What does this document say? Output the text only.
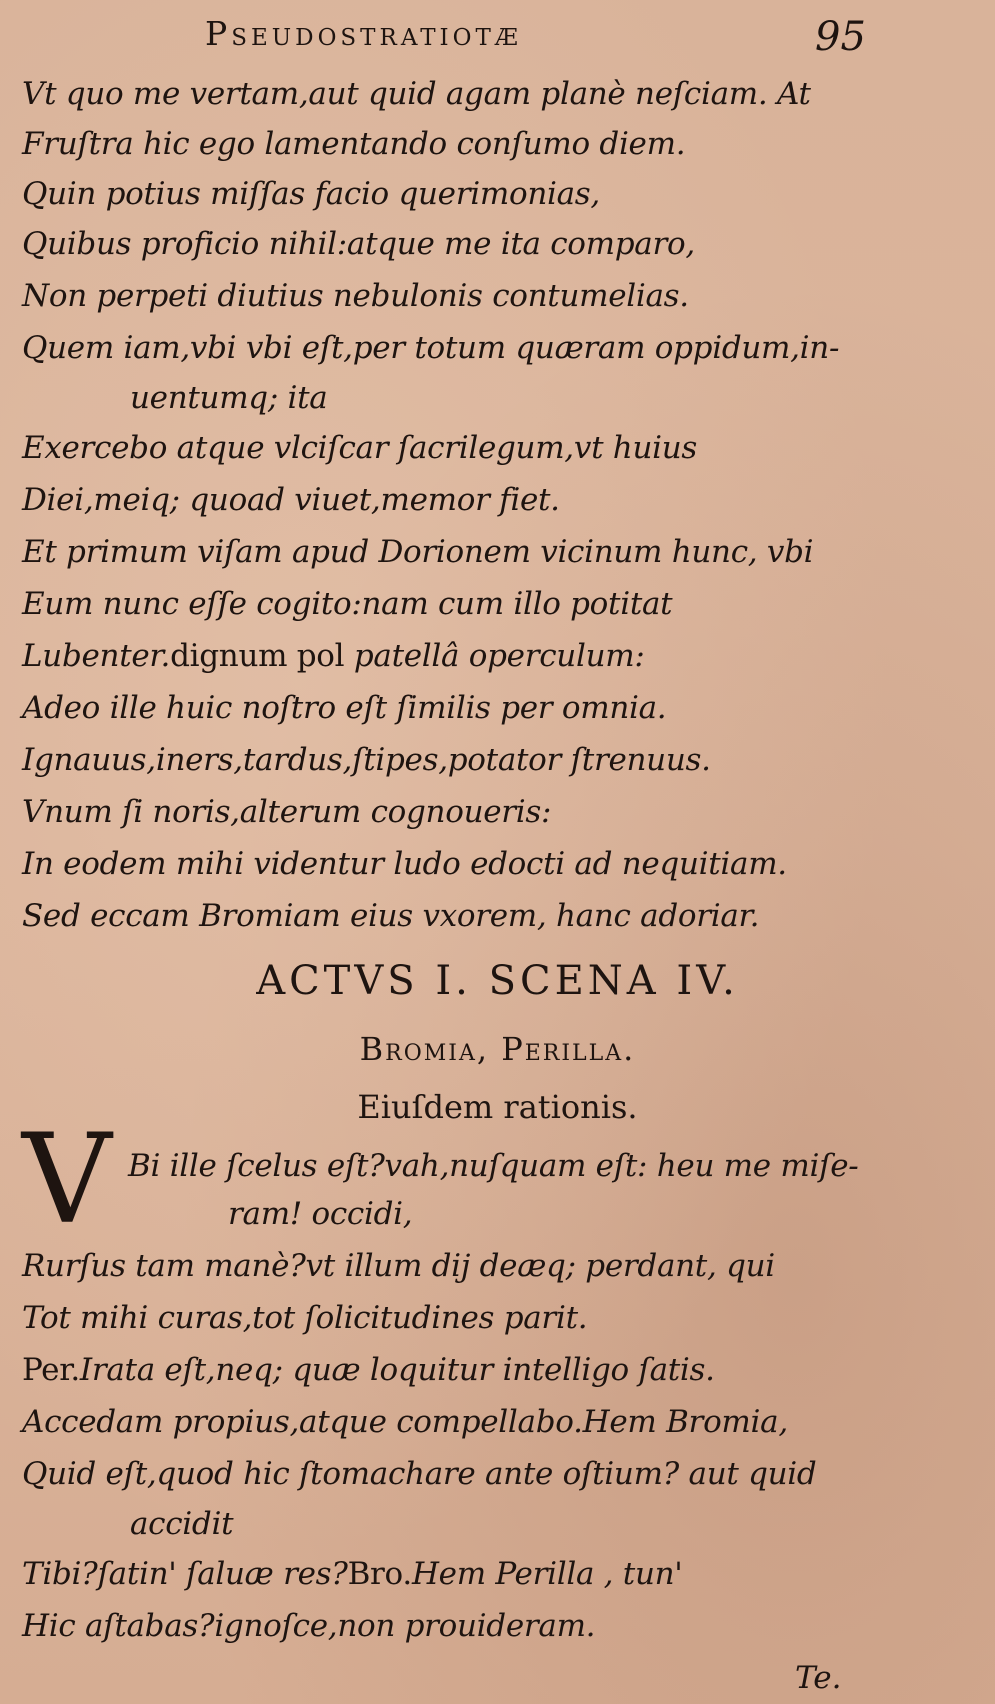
Pseudostratiotæ	95
Vt quo me vertam,aut quid agam planè neſciam. At
Fruſtra hic ego lamentando conſumo diem.
Quin potius miſſas facio querimonias,
Quibus proficio nihil:atque me ita comparo,
Non perpeti diutius nebulonis contumelias.
Quem iam,vbi vbi eſt,per totum quæram oppidum,in-
uentumq; ita
Exercebo atque vlciſcar ſacrilegum,vt huius
Diei,meiq; quoad viuet,memor fiet.
Et primum viſam apud Dorionem vicinum hunc, vbi
Eum nunc eſſe cogito:nam cum illo potitat
Lubenter.dignum pol patellâ operculum:
Adeo ille huic noſtro eſt ſimilis per omnia.
Ignauus,iners,tardus,ſtipes,potator ſtrenuus.
Vnum ſi noris,alterum cognoueris:
In eodem mihi videntur ludo edocti ad nequitiam.
Sed eccam Bromiam eius vxorem, hanc adoriar.
ACTVS I. SCENA IV.
Bromia, Perilla.
Eiuſdem rationis.
V Bi ille ſcelus eſt?vah,nuſquam eſt: heu me miſe-
ram! occidi,
Rurſus tam manè?vt illum dij deæq; perdant, qui
Tot mihi curas,tot ſolicitudines parit.
Per.Irata eſt,neq; quæ loquitur intelligo ſatis.
Accedam propius,atque compellabo.Hem Bromia,
Quid eſt,quod hic ſtomachare ante oſtium? aut quid
accidit
Tibi?ſatin' ſaluæ res?Bro.Hem Perilla , tun'
Hic aſtabas?ignoſce,non prouideram.
Te.
